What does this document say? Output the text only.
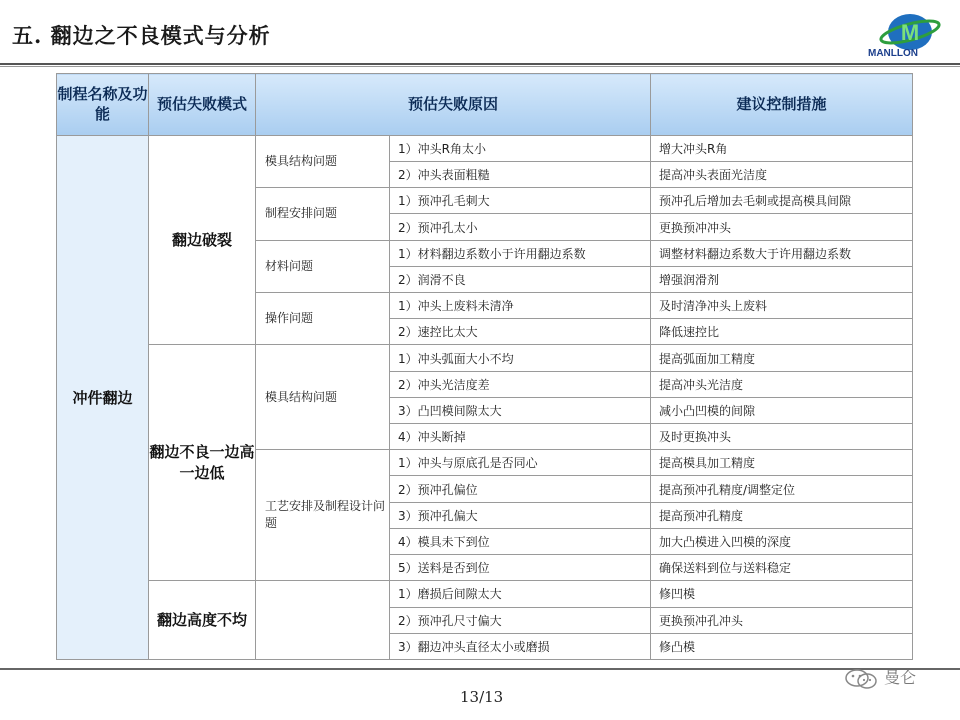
五. 翻边之不良模式与分析	M
MANLLON
制程名称及功能	预估失败模式	预估失败原因		建议控制措施
冲件翻边	翻边破裂	模具结构问题	1）冲头R角太小	增大冲头R角
			2）冲头表面粗糙	提高冲头表面光洁度
		制程安排问题	1）预冲孔毛刺大	预冲孔后增加去毛刺或提高模具间隙
			2）预冲孔太小	更换预冲冲头
		材料问题	1）材料翻边系数小于许用翻边系数	调整材料翻边系数大于许用翻边系数
			2）润滑不良	增强润滑剂
		操作问题	1）冲头上废料未清净	及时清净冲头上废料
			2）速控比太大	降低速控比
	翻边不良一边高一边低	模具结构问题	1）冲头弧面大小不均	提高弧面加工精度
			2）冲头光洁度差	提高冲头光洁度
			3）凸凹模间隙太大	减小凸凹模的间隙
			4）冲头断掉	及时更换冲头
		工艺安排及制程设计问题	1）冲头与原底孔是否同心	提高模具加工精度
			2）预冲孔偏位	提高预冲孔精度/调整定位
			3）预冲孔偏大	提高预冲孔精度
			4）模具未下到位	加大凸模进入凹模的深度
			5）送料是否到位	确保送料到位与送料稳定
	翻边高度不均		1）磨损后间隙太大	修凹模
			2）预冲孔尺寸偏大	更换预冲孔冲头
			3）翻边冲头直径太小或磨损	修凸模
13/13
曼仑
